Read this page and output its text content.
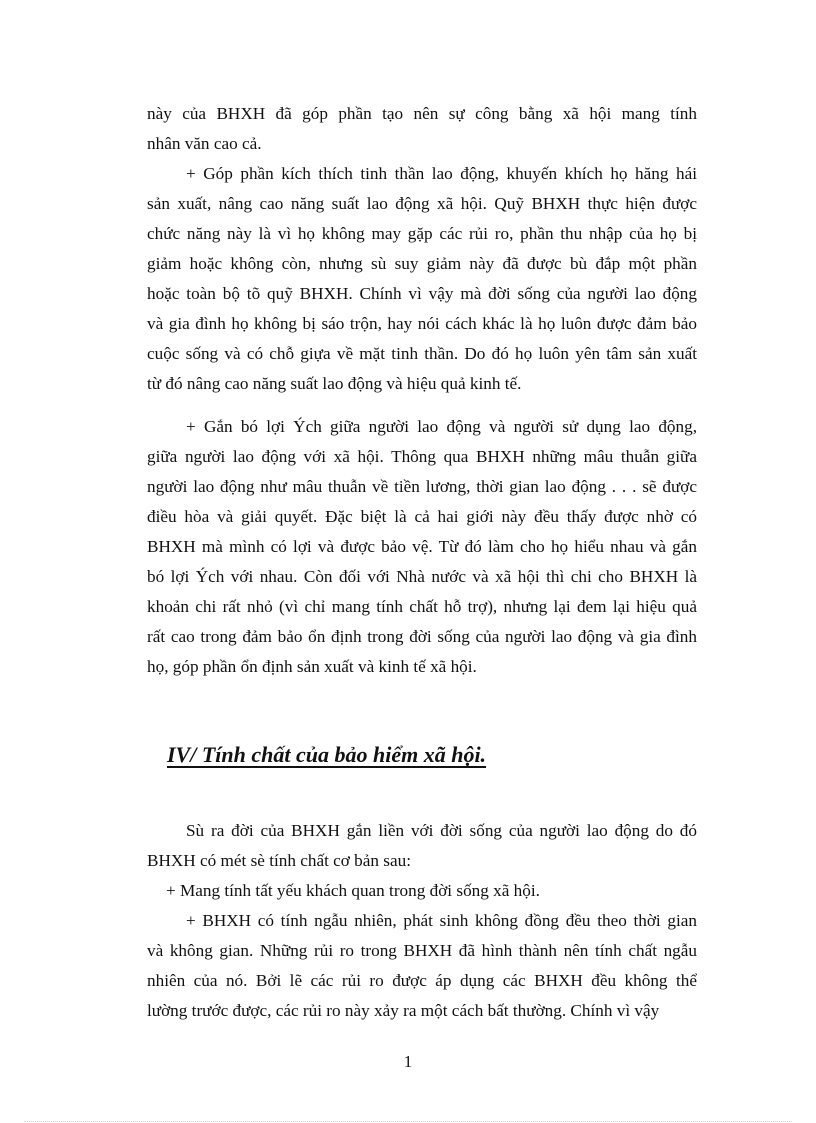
này của BHXH đã góp phần tạo nên sự công bằng xã hội mang tính
nhân văn cao cả.
+ Góp phần kích thích tinh thần lao động, khuyến khích họ hăng hái
sản xuất, nâng cao năng suất lao động xã hội. Quỹ BHXH thực hiện được
chức năng này là vì họ không may gặp các rủi ro, phần thu nhập của họ bị
giảm hoặc không còn, nhưng sù suy giảm này đã được bù đắp một phần
hoặc toàn bộ tõ quỹ BHXH. Chính vì vậy mà đời sống của người lao động
và gia đình họ không bị sáo trộn, hay nói cách khác là họ luôn được đảm bảo
cuộc sống và có chỗ giựa về mặt tinh thần. Do đó họ luôn yên tâm sản xuất
từ đó nâng cao năng suất lao động và hiệu quả kinh tế.
+ Gắn bó lợi Ých giữa người lao động và người sử dụng lao động,
giữa người lao động với xã hội. Thông qua BHXH những mâu thuẫn giữa
người lao động như mâu thuẫn về tiền lương, thời gian lao động . . . sẽ được
điều hòa và giải quyết. Đặc biệt là cả hai giới này đều thấy được nhờ có
BHXH mà mình có lợi và được bảo vệ. Từ đó làm cho họ hiểu nhau và gắn
bó lợi Ých với nhau. Còn đối với Nhà nước và xã hội thì chi cho BHXH là
khoản chi rất nhỏ (vì chỉ mang tính chất hỗ trợ), nhưng lại đem lại hiệu quả
rất cao trong đảm bảo ổn định trong đời sống của người lao động và gia đình
họ, góp phần ổn định sản xuất và kinh tế xã hội.
IV/ Tính chất của bảo hiểm xã hội.
Sù ra đời của BHXH gắn liền với đời sống của người lao động do đó
BHXH có mét sè tính chất cơ bản sau:
+ Mang tính tất yếu khách quan trong đời sống xã hội.
+ BHXH có tính ngẫu nhiên, phát sinh không đồng đều theo thời gian
và không gian. Những rủi ro trong BHXH đã hình thành nên tính chất ngẫu
nhiên của nó. Bởi lẽ các rủi ro được áp dụng các BHXH đều không thể
lường trước được, các rủi ro này xảy ra một cách bất thường. Chính vì vậy
1
